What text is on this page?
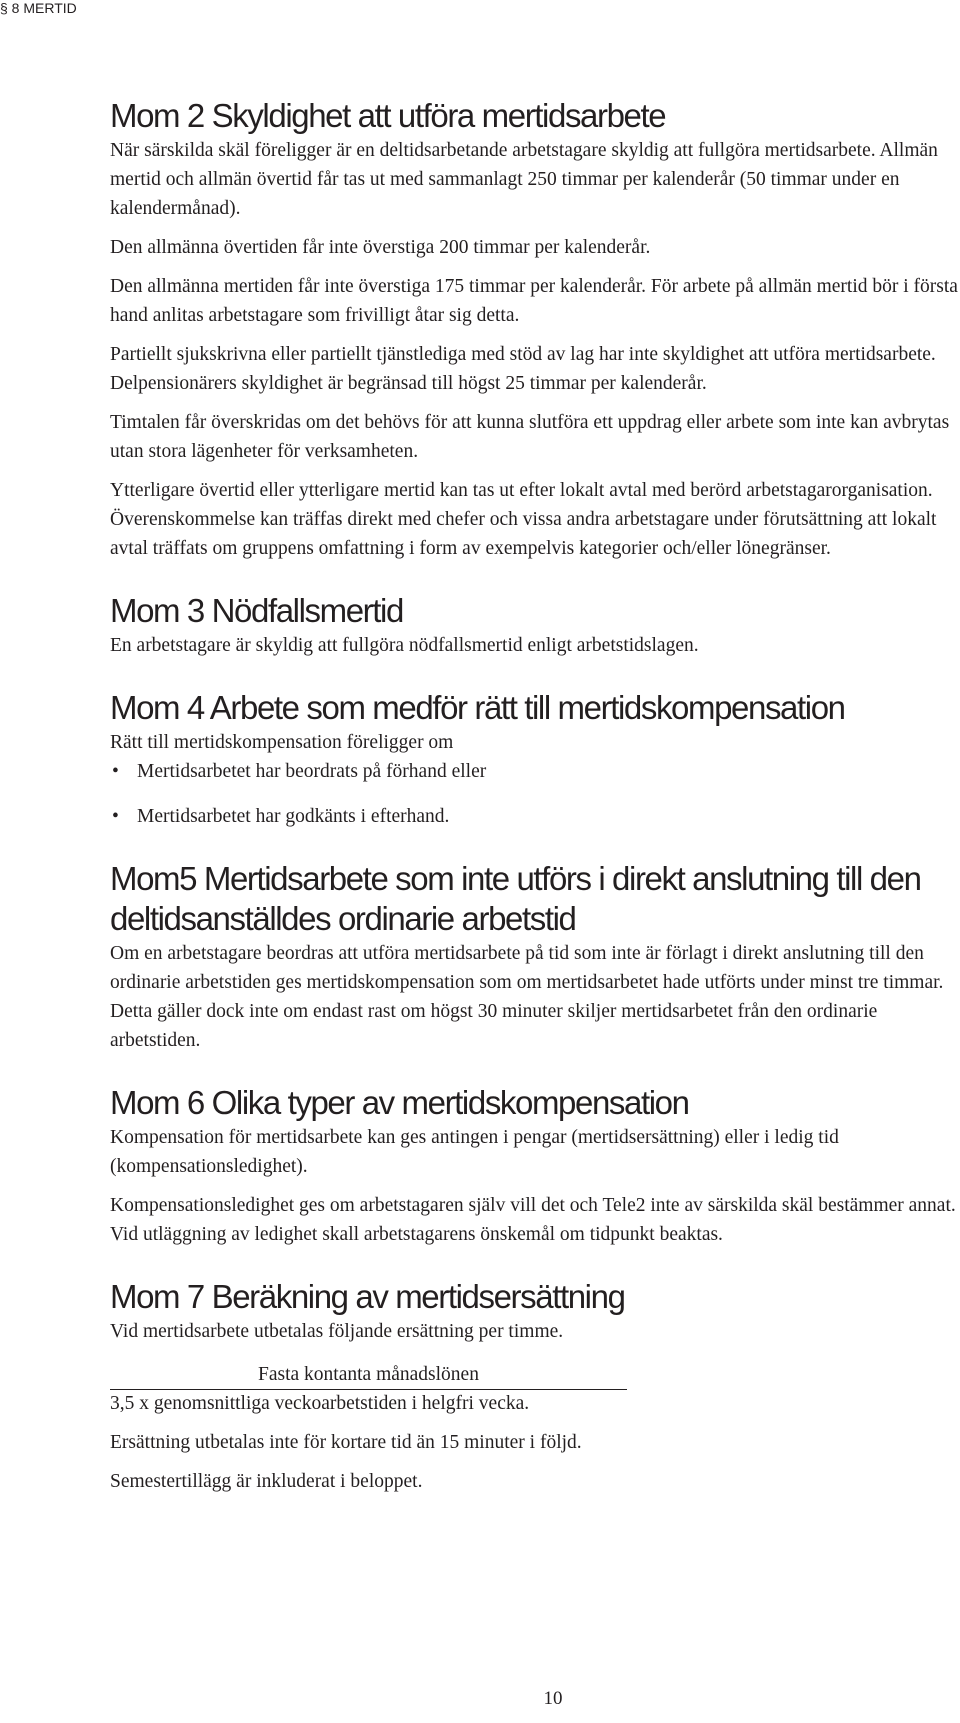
§ 8 MERTID
Mom 2 Skyldighet att utföra mertidsarbete

När särskilda skäl föreligger är en deltidsarbetande arbetstagare skyldig att fullgöra mertidsarbete. Allmän mertid och allmän övertid får tas ut med sammanlagt 250 timmar per kalenderår (50 timmar under en kalendermånad).

Den allmänna övertiden får inte överstiga 200 timmar per kalenderår.

Den allmänna mertiden får inte överstiga 175 timmar per kalenderår. För arbete på allmän mertid bör i första hand anlitas arbetstagare som frivilligt åtar sig detta.

Partiellt sjukskrivna eller partiellt tjänstlediga med stöd av lag har inte skyldighet att utföra mertidsarbete. Delpensionärers skyldighet är begränsad till högst 25 timmar per kalenderår.

Timtalen får överskridas om det behövs för att kunna slutföra ett uppdrag eller arbete som inte kan avbrytas utan stora lägenheter för verksamheten.

Ytterligare övertid eller ytterligare mertid kan tas ut efter lokalt avtal med berörd arbetstagarorganisation. Överenskommelse kan träffas direkt med chefer och vissa andra arbetstagare under förutsättning att lokalt avtal träffats om gruppens omfattning i form av exempelvis kategorier och/eller lönegränser.

Mom 3 Nödfallsmertid

En arbetstagare är skyldig att fullgöra nödfallsmertid enligt arbetstidslagen.

Mom 4 Arbete som medför rätt till mertidskompensation

Rätt till mertidskompensation föreligger om

• Mertidsarbetet har beordrats på förhand eller
• Mertidsarbetet har godkänts i efterhand.
Mom5 Mertidsarbete som inte utförs i direkt anslutning till den deltidsanställdes ordinarie arbetstid

Om en arbetstagare beordras att utföra mertidsarbete på tid som inte är förlagt i direkt anslutning till den ordinarie arbetstiden ges mertidskompensation som om mertidsarbetet hade utförts under minst tre timmar. Detta gäller dock inte om endast rast om högst 30 minuter skiljer mertidsarbetet från den ordinarie arbetstiden.

Mom 6 Olika typer av mertidskompensation

Kompensation för mertidsarbete kan ges antingen i pengar (mertidsersättning) eller i ledig tid (kompensationsledighet).

Kompensationsledighet ges om arbetstagaren själv vill det och Tele2 inte av särskilda skäl bestämmer annat. Vid utläggning av ledighet skall arbetstagarens önskemål om tidpunkt beaktas.

Mom 7 Beräkning av mertidsersättning

Vid mertidsarbete utbetalas följande ersättning per timme.

Fasta kontanta månadslönen
3,5 x genomsnittliga veckoarbetstiden i helgfri vecka.

Ersättning utbetalas inte för kortare tid än 15 minuter i följd.

Semestertillägg är inkluderat i beloppet.

10
